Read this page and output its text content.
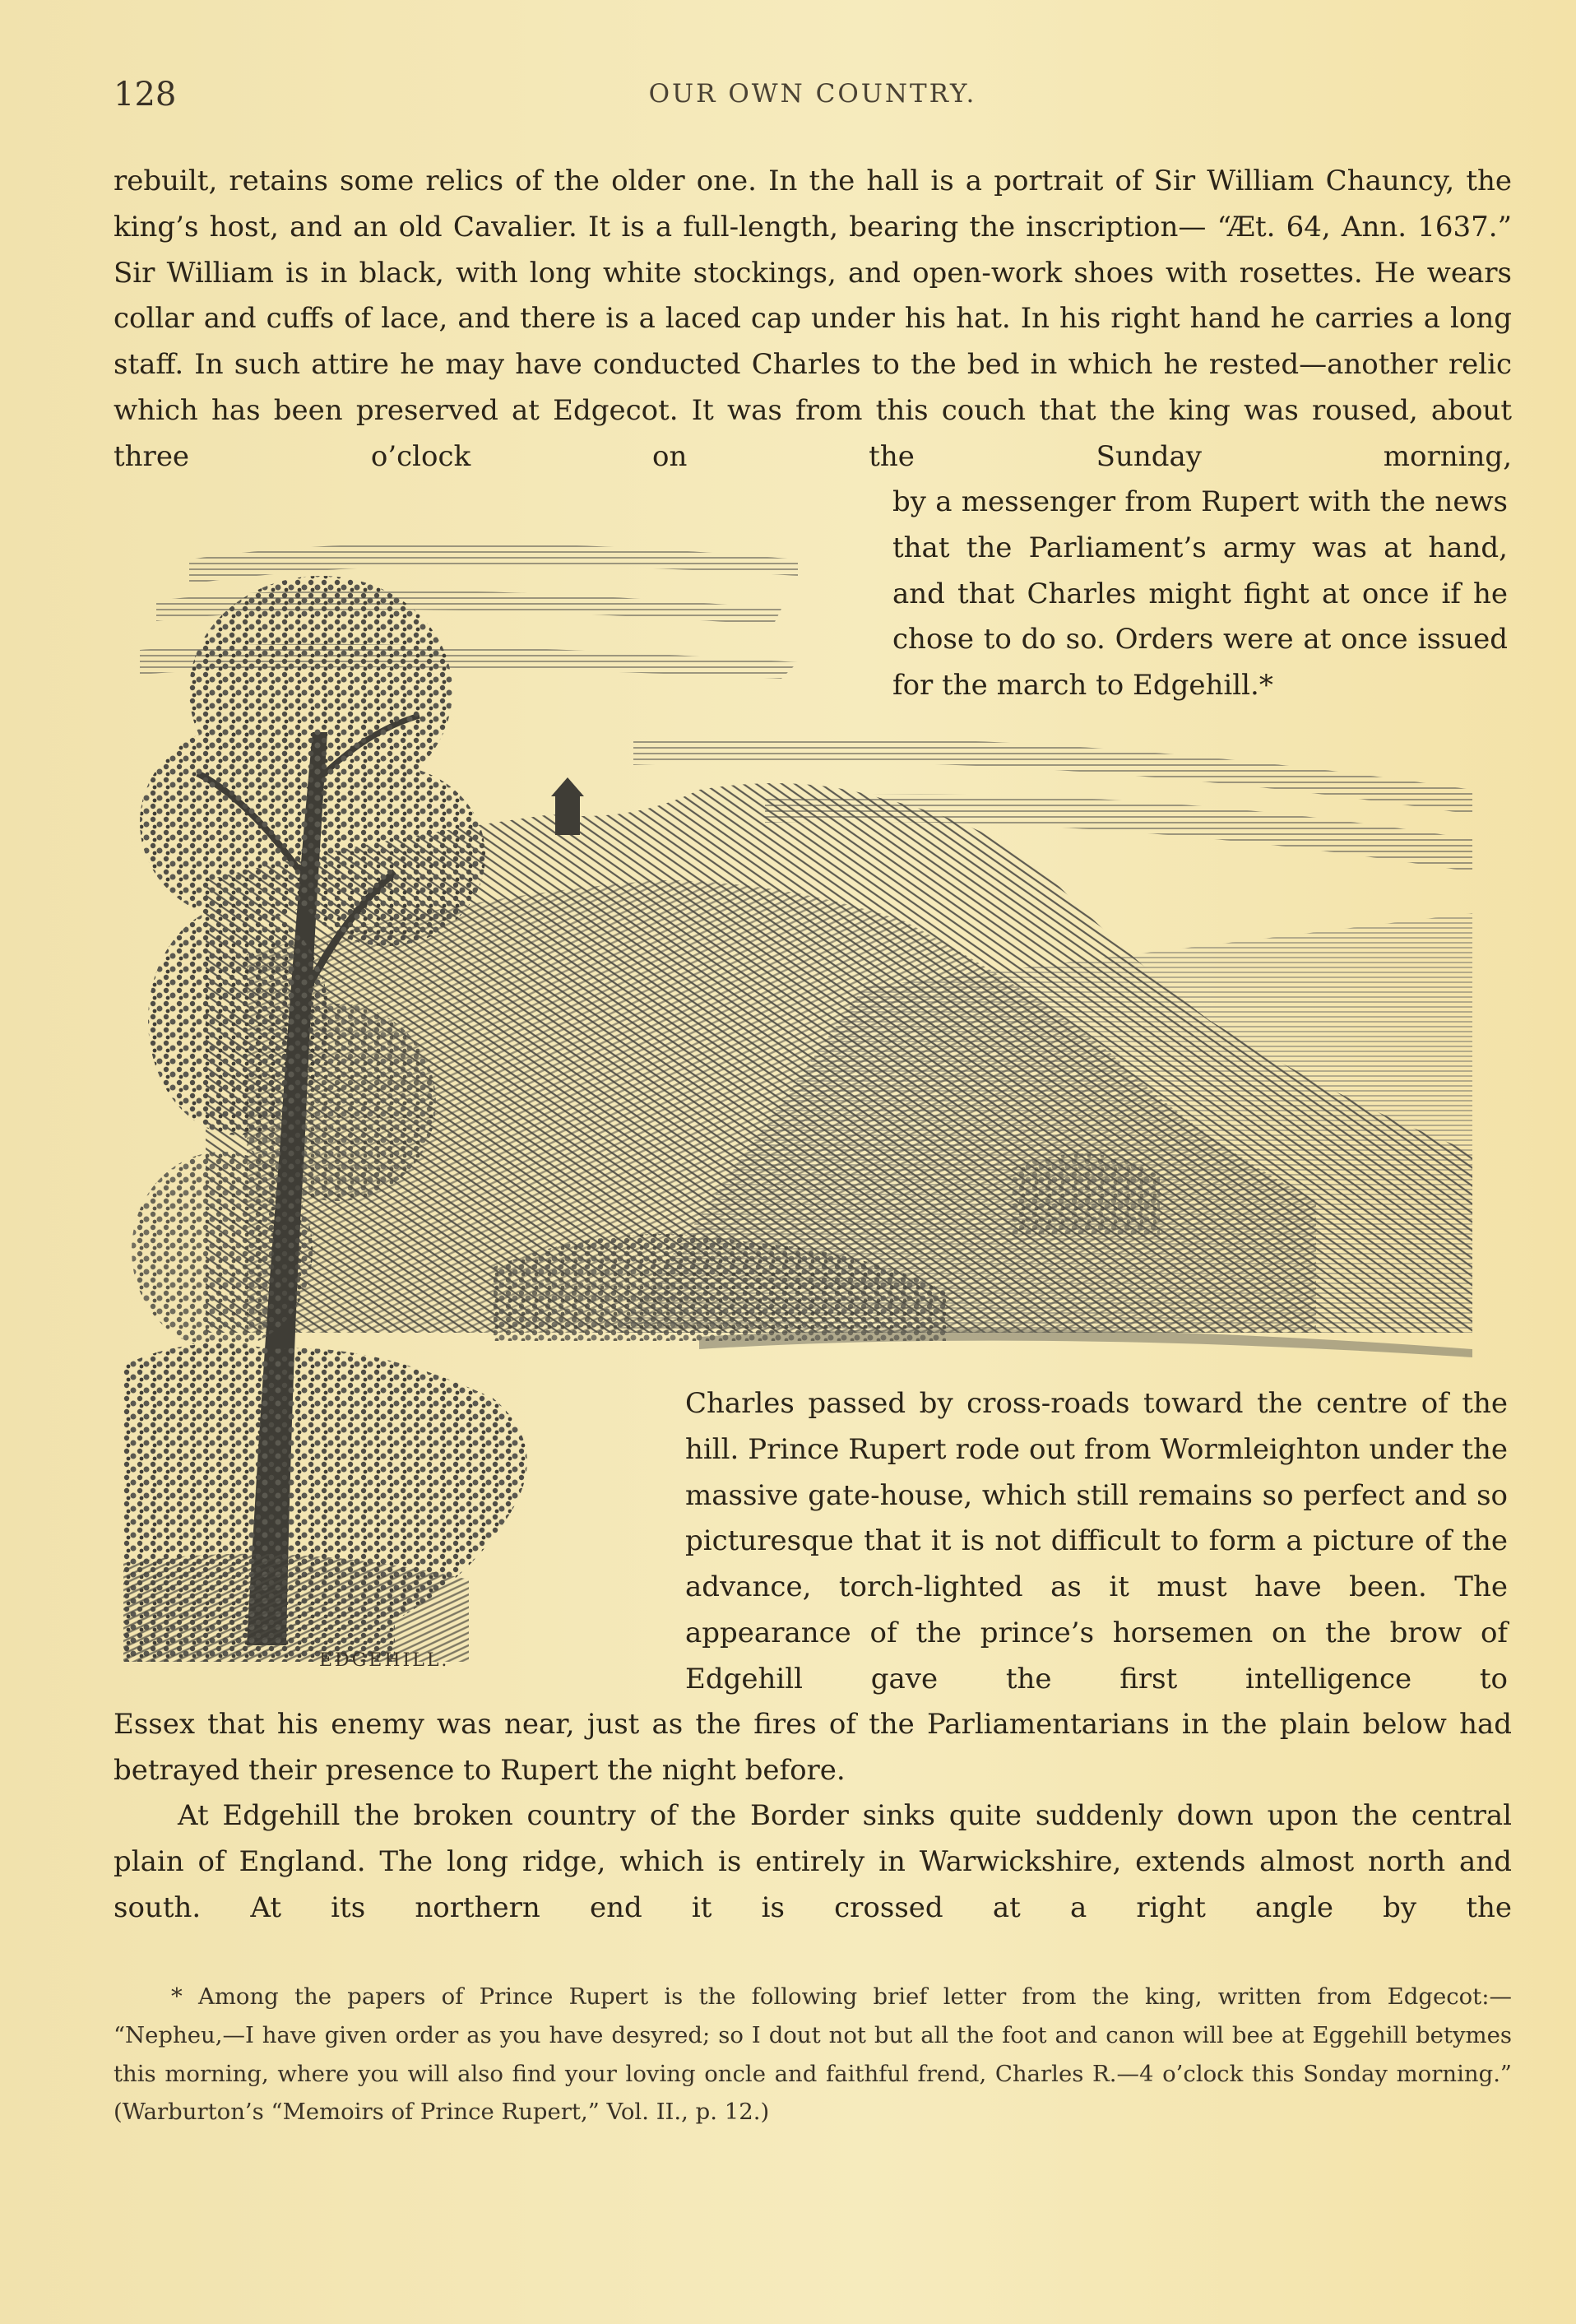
128	OUR OWN COUNTRY.

rebuilt, retains some relics of the older one. In the hall is a portrait of Sir William Chauncy, the king’s host, and an old Cavalier. It is a full-length, bearing the inscription— “Æt. 64, Ann. 1637.” Sir William is in black, with long white stockings, and open-work shoes with rosettes. He wears collar and cuffs of lace, and there is a laced cap under his hat. In his right hand he carries a long staff. In such attire he may have conducted Charles to the bed in which he rested—another relic which has been preserved at Edgecot. It was from this couch that the king was roused, about three o’clock on the Sunday morning,

by a messenger from Rupert with the news that the Parliament’s army was at hand, and that Charles might fight at once if he chose to do so. Orders were at once issued for the march to Edgehill.*

EDGEHILL.

Charles passed by cross-roads toward the centre of the hill. Prince Rupert rode out from Wormleighton under the massive gate-house, which still remains so perfect and so picturesque that it is not difficult to form a picture of the advance, torch-lighted as it must have been. The appearance of the prince’s horsemen on the brow of Edgehill gave the first intelligence to

Essex that his enemy was near, just as the fires of the Parliamentarians in the plain below had betrayed their presence to Rupert the night before.

At Edgehill the broken country of the Border sinks quite suddenly down upon the central plain of England. The long ridge, which is entirely in Warwickshire, extends almost north and south. At its northern end it is crossed at a right angle by the

* Among the papers of Prince Rupert is the following brief letter from the king, written from Edgecot:—

“Nepheu,—I have given order as you have desyred; so I dout not but all the foot and canon will bee at Eggehill betymes this morning, where you will also find your loving oncle and faithful frend, Charles R.—4 o’clock this Sonday morning.” (Warburton’s “Memoirs of Prince Rupert,” Vol. II., p. 12.)
